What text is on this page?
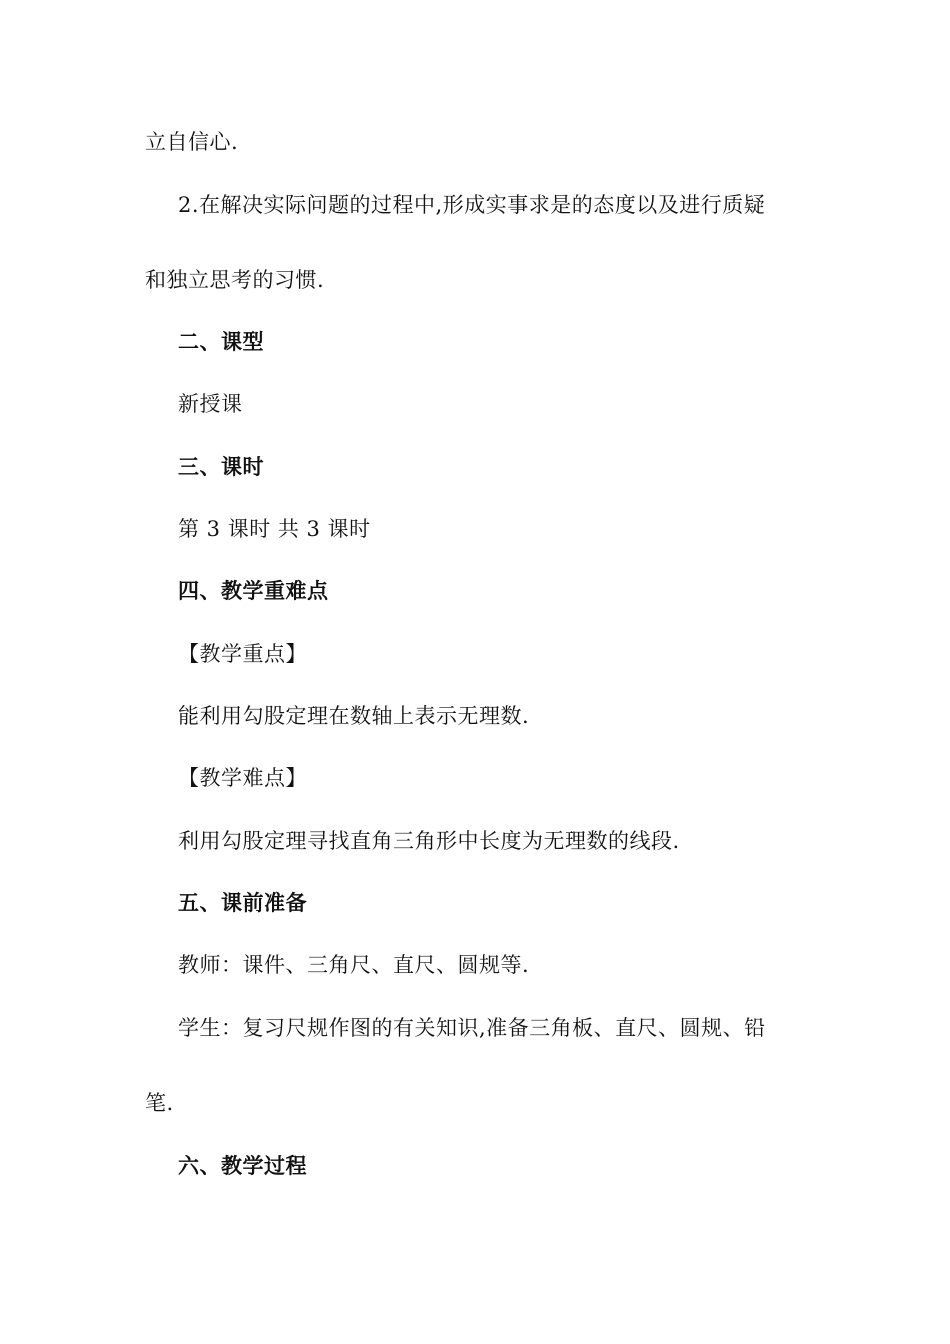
立自信心.
2.在解决实际问题的过程中,形成实事求是的态度以及进行质疑
和独立思考的习惯.
二、课型
新授课
三、课时
第 3 课时 共 3 课时
四、教学重难点
【教学重点】
能利用勾股定理在数轴上表示无理数.
【教学难点】
利用勾股定理寻找直角三角形中长度为无理数的线段.
五、课前准备
教师：课件、三角尺、直尺、圆规等.
学生：复习尺规作图的有关知识,准备三角板、直尺、圆规、铅
笔.
六、教学过程
